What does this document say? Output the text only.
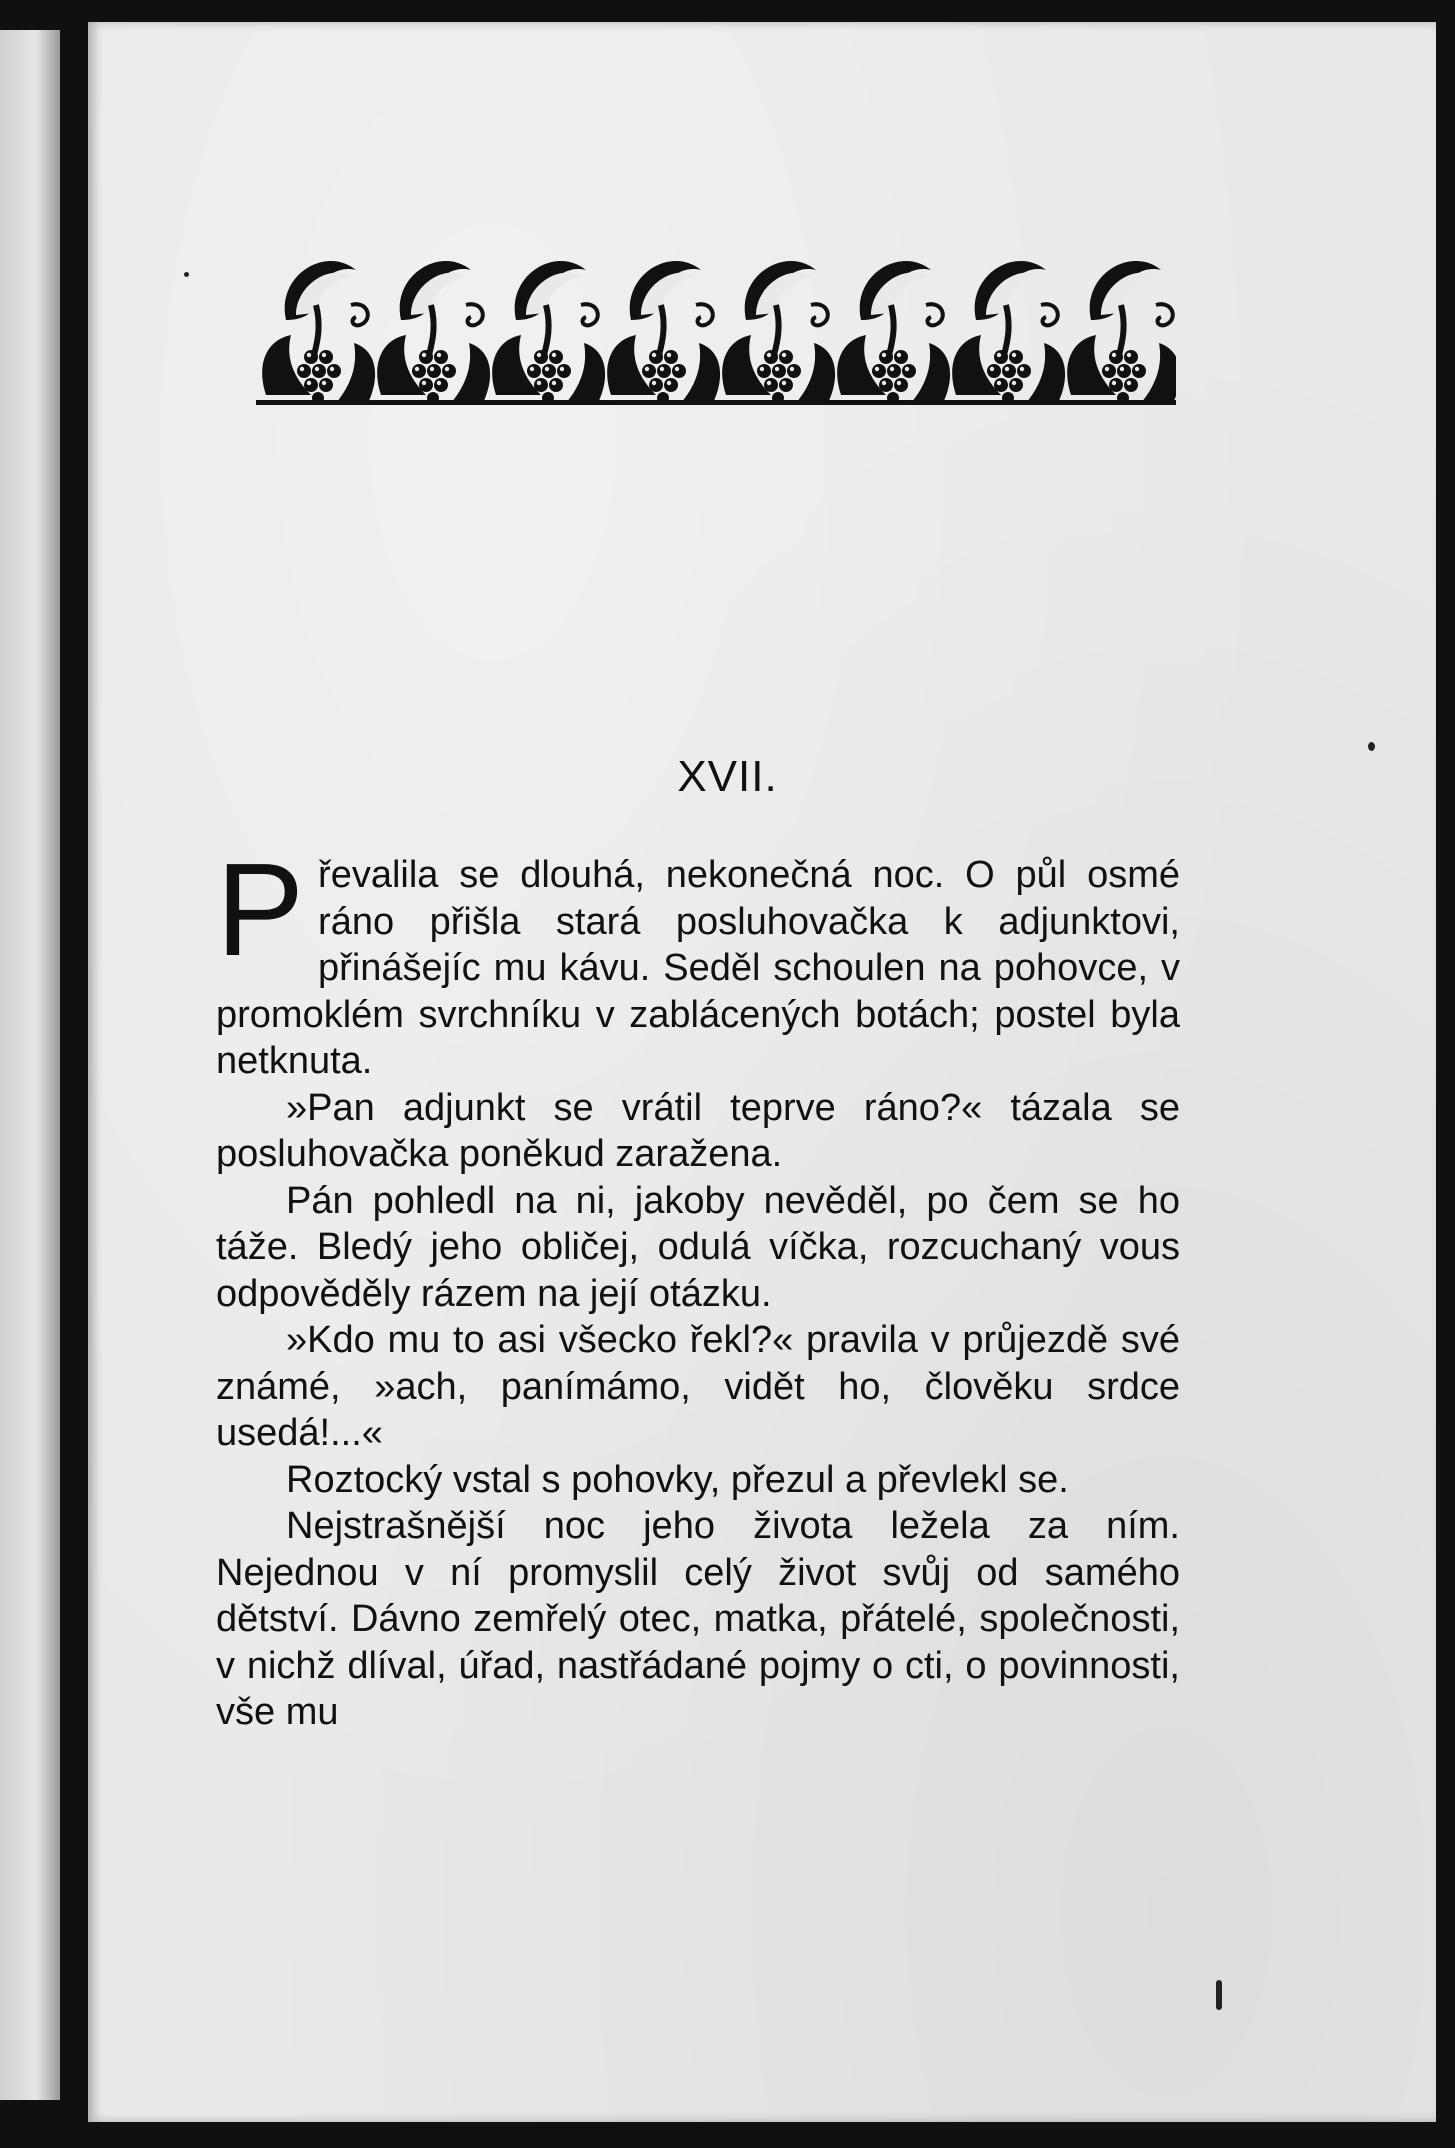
XVII.

Převalila se dlouhá, nekonečná noc. O půl osmé ráno přišla stará posluhovačka k adjunktovi, přinášejíc mu kávu. Seděl schoulen na pohovce, v promoklém svrchníku v zablácených botách; postel byla netknuta.

»Pan adjunkt se vrátil teprve ráno?« tázala se posluhovačka poněkud zaražena.

Pán pohledl na ni, jakoby nevěděl, po čem se ho táže. Bledý jeho obličej, odulá víčka, rozcuchaný vous odpověděly rázem na její otázku.

»Kdo mu to asi všecko řekl?« pravila v průjezdě své známé, »ach, panímámo, vidět ho, člověku srdce usedá!...«

Roztocký vstal s pohovky, přezul a převlekl se.

Nejstrašnější noc jeho života ležela za ním. Nejednou v ní promyslil celý život svůj od samého dětství. Dávno zemřelý otec, matka, přátelé, společnosti, v nichž dlíval, úřad, nastřádané pojmy o cti, o povinnosti, vše mu
